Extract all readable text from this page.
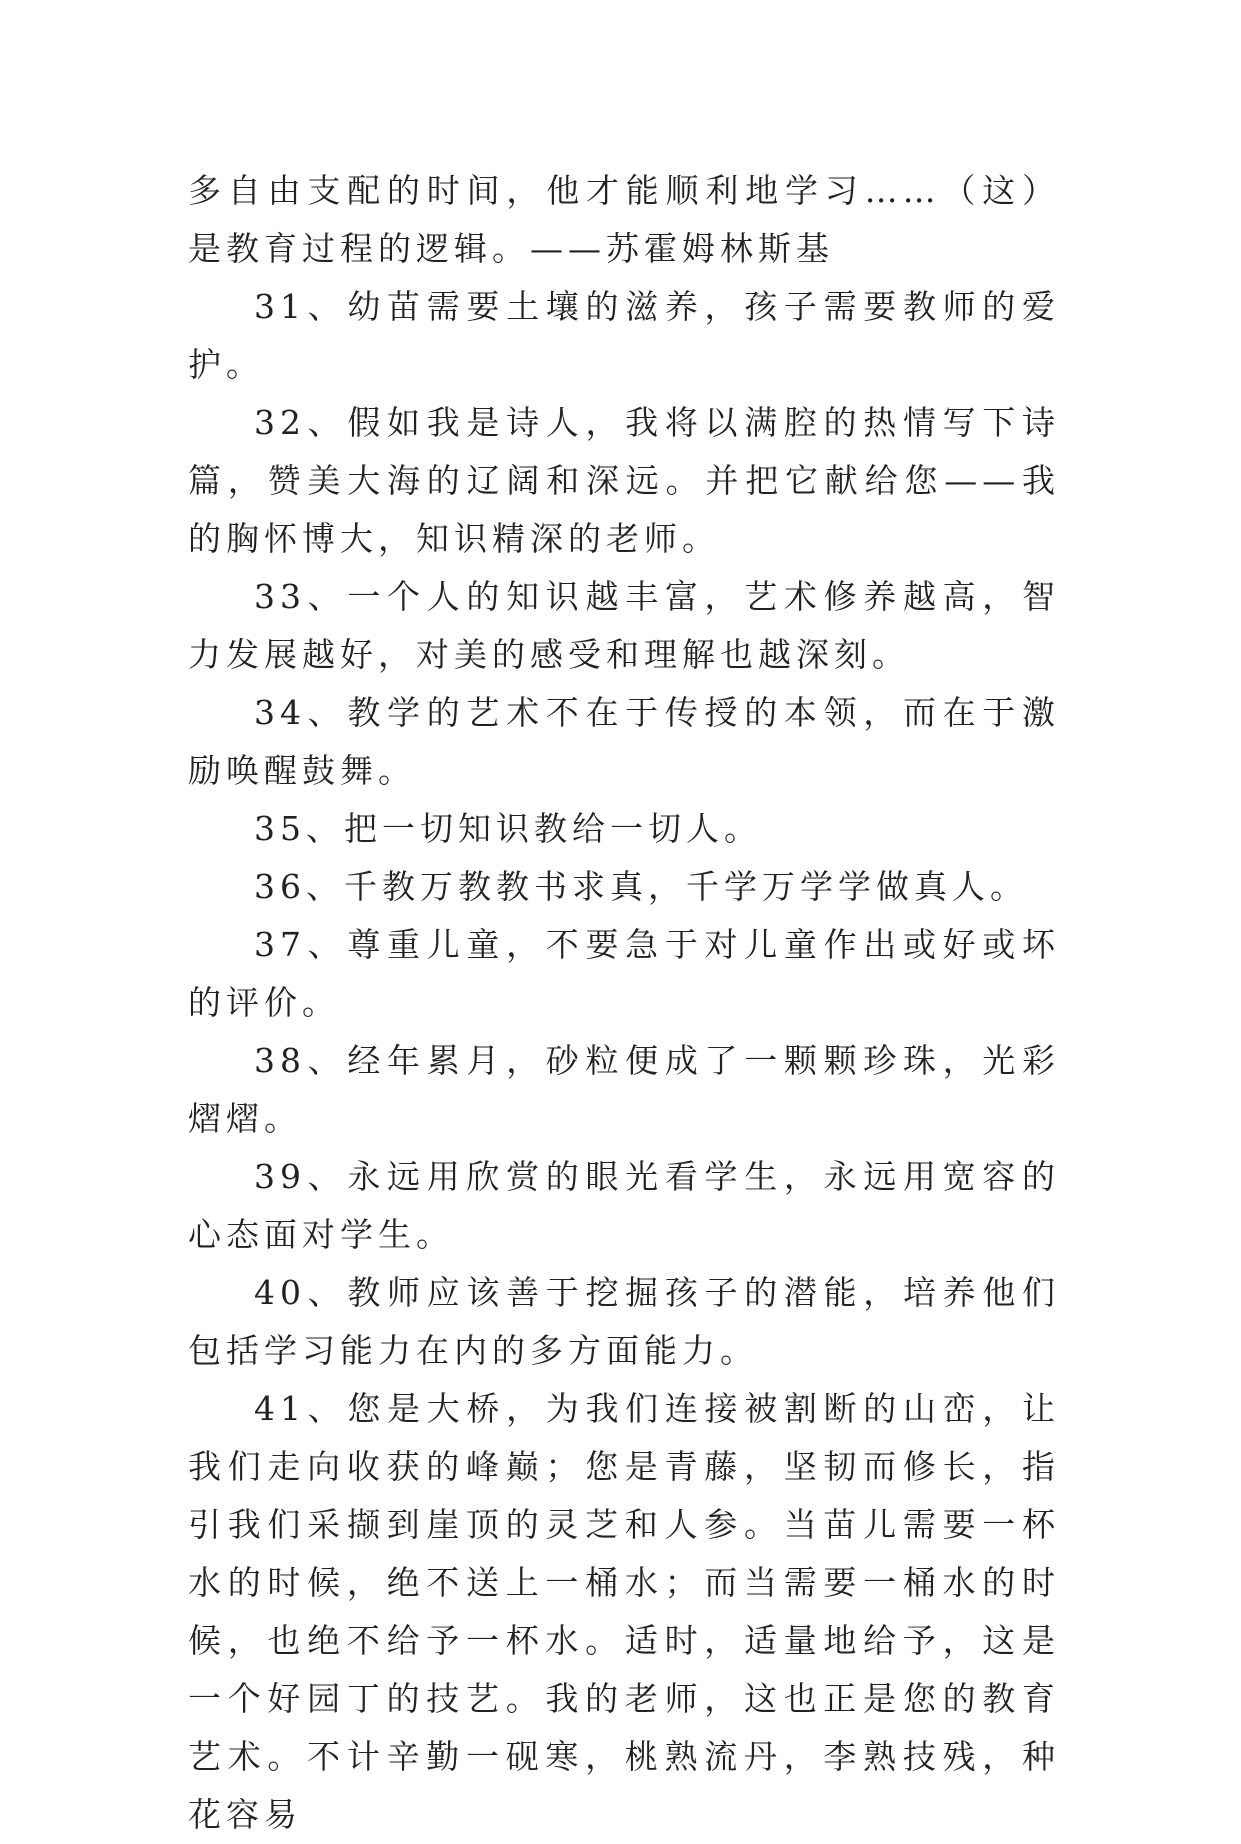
多自由支配的时间，他才能顺利地学习……（这）是教育过程的逻辑。——苏霍姆林斯基

31、幼苗需要土壤的滋养，孩子需要教师的爱护。

32、假如我是诗人，我将以满腔的热情写下诗篇，赞美大海的辽阔和深远。并把它献给您——我的胸怀博大，知识精深的老师。

33、一个人的知识越丰富，艺术修养越高，智力发展越好，对美的感受和理解也越深刻。

34、教学的艺术不在于传授的本领，而在于激励唤醒鼓舞。

35、把一切知识教给一切人。

36、千教万教教书求真，千学万学学做真人。

37、尊重儿童，不要急于对儿童作出或好或坏的评价。

38、经年累月，砂粒便成了一颗颗珍珠，光彩熠熠。

39、永远用欣赏的眼光看学生，永远用宽容的心态面对学生。

40、教师应该善于挖掘孩子的潜能，培养他们包括学习能力在内的多方面能力。

41、您是大桥，为我们连接被割断的山峦，让我们走向收获的峰巅；您是青藤，坚韧而修长，指引我们采撷到崖顶的灵芝和人参。当苗儿需要一杯水的时候，绝不送上一桶水；而当需要一桶水的时候，也绝不给予一杯水。适时，适量地给予，这是一个好园丁的技艺。我的老师，这也正是您的教育艺术。不计辛勤一砚寒，桃熟流丹，李熟技残，种花容易
